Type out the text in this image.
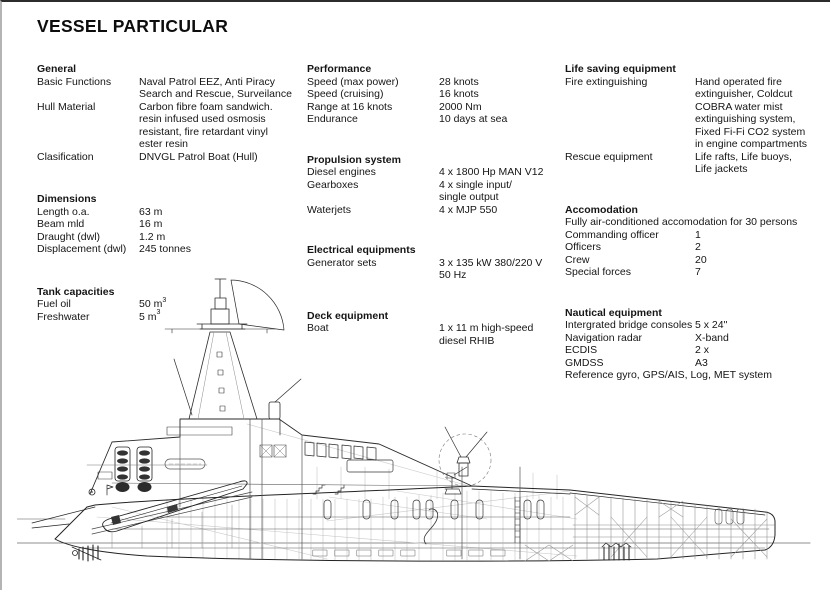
VESSEL PARTICULAR
General
Basic Functions	Naval Patrol EEZ, Anti Piracy
Search and Rescue, Surveilance
Hull Material	Carbon fibre foam sandwich.
resin infused used osmosis
resistant, fire retardant vinyl
ester resin
Clasification	DNVGL Patrol Boat (Hull)
Dimensions
Length o.a.	63 m
Beam mld	16 m
Draught (dwl)	1.2 m
Displacement (dwl)	245 tonnes
Tank capacities
Fuel oil	50 $m^3$
Freshwater	5 $m^3$
Performance
Speed (max power)	28 knots
Speed (cruising)	16 knots
Range at 16 knots	2000 Nm
Endurance	10 days at sea
Propulsion system
Diesel engines	4 x 1800 Hp MAN V12
Gearboxes	4 x single input/
single output
Waterjets	4 x MJP 550
Electrical equipments
Generator sets	3 x 135 kW 380/220 V
50 Hz
Deck equipment
Boat	1 x 11 m high-speed
diesel RHIB
Life saving equipment
Fire extinguishing	Hand operated fire
extinguisher, Coldcut
COBRA water mist
extinguishing system,
Fixed Fi-Fi CO2 system
in engine compartments
Rescue equipment	Life rafts, Life buoys,
Life jackets
Accomodation
Fully air-conditioned accomodation for 30 persons
Commanding officer	1
Officers	2
Crew	20
Special forces	7
Nautical equipment
Intergrated bridge consoles 5 x 24"
Navigation radar	X-band
ECDIS	2 x
GMDSS	A3
Reference gyro, GPS/AIS, Log, MET system
